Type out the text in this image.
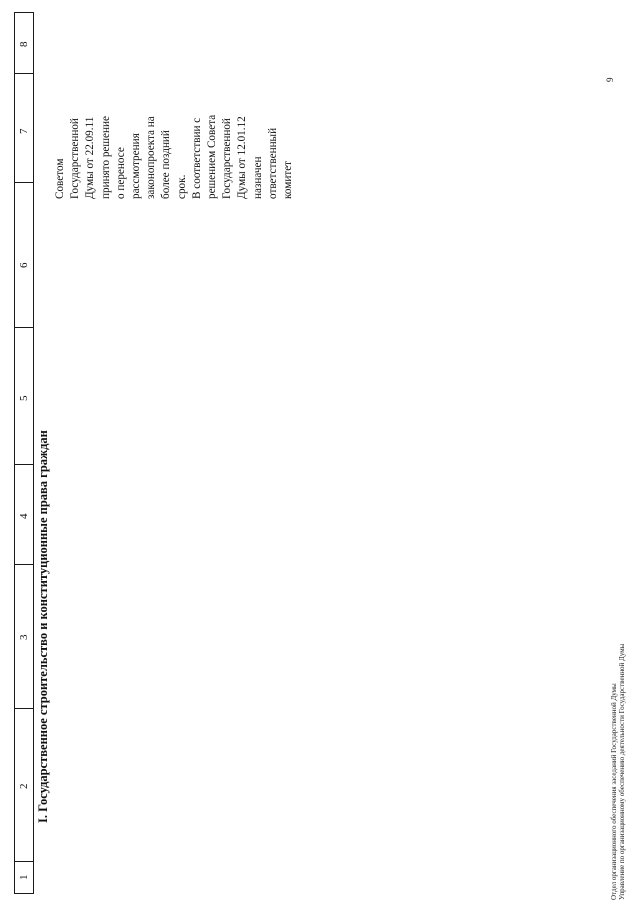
1
2
3
4
5
6
7
8
I. Государственное строительство и конституционные права граждан
Советом Государственной Думы от 22.09.11 принято решение о переносе рассмотрения законопроекта на более поздний срок. В соответствии с решением Совета Государственной Думы от 12.01.12 назначен ответственный комитет
9
Отдел организационного обеспечения заседаний Государственной Думы Управление по организационному обеспечению деятельности Государственной Думы
